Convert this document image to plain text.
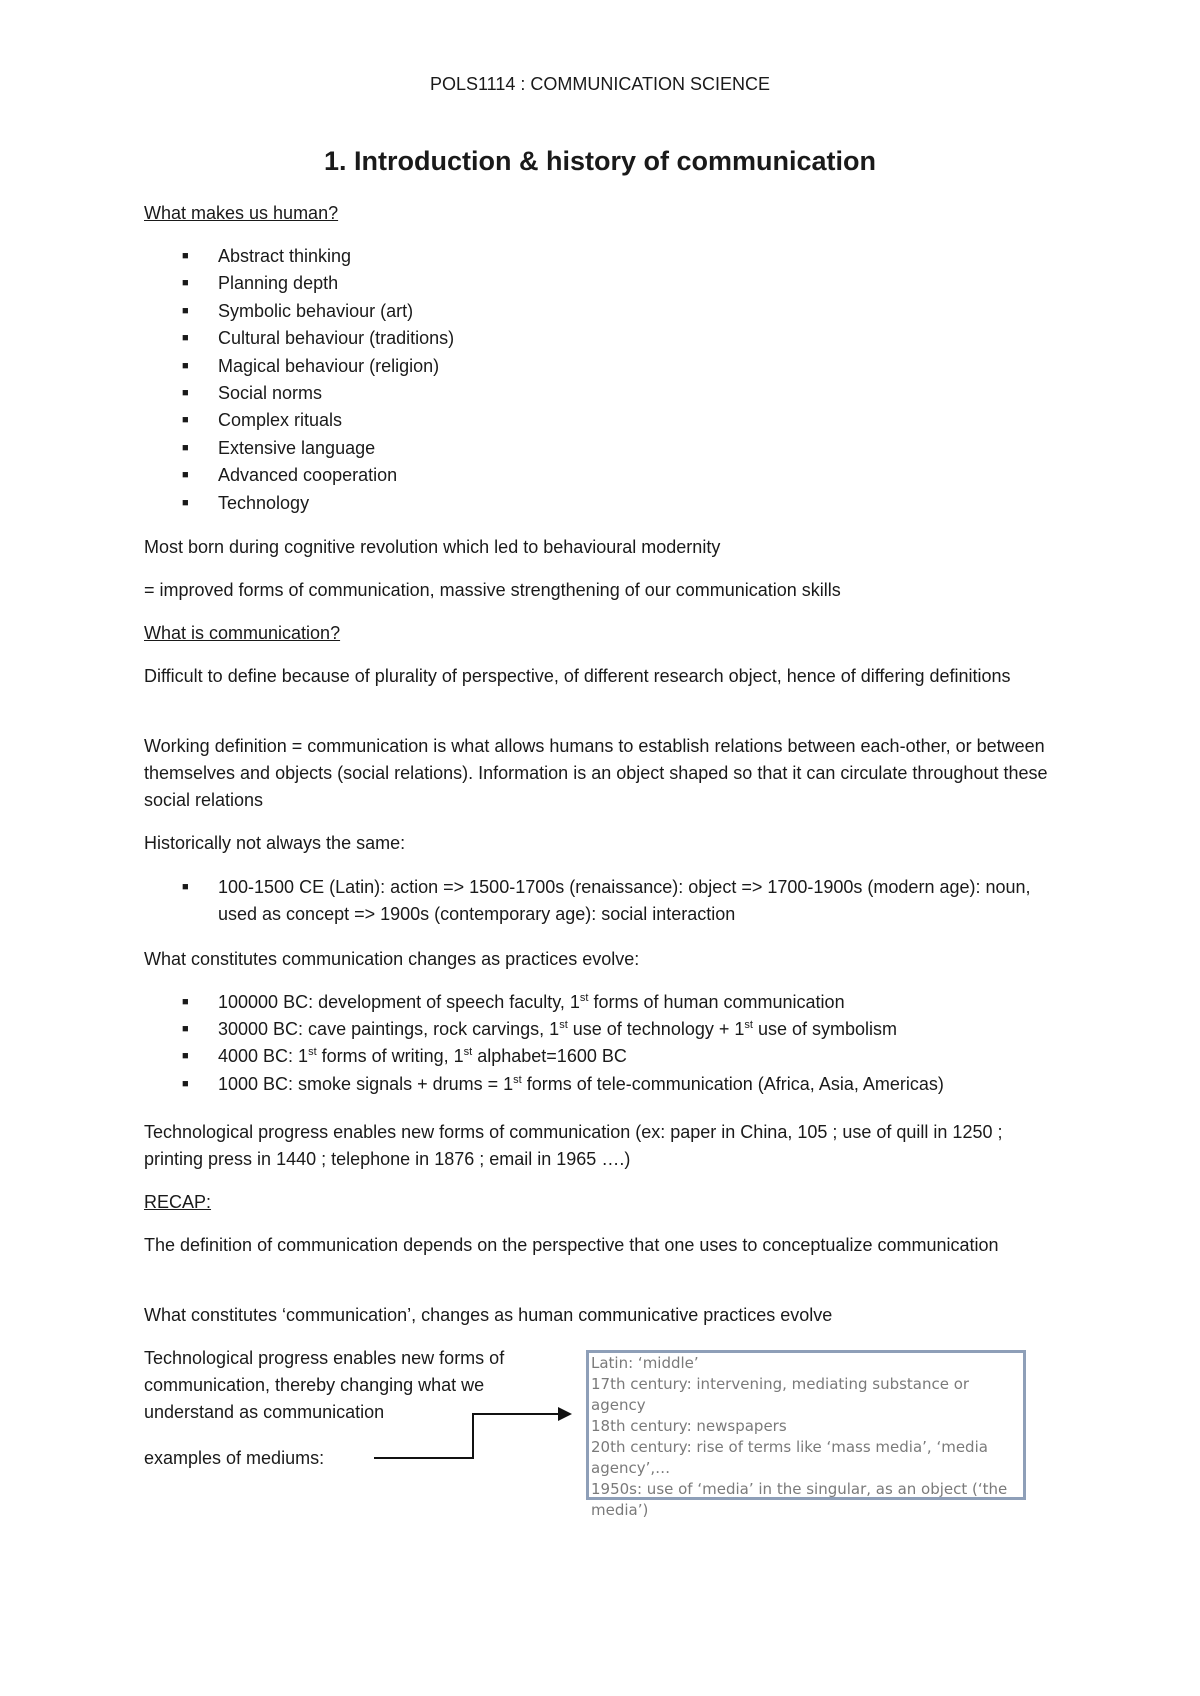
POLS1114 : COMMUNICATION SCIENCE
1. Introduction & history of communication
What makes us human?
■ Abstract thinking
■ Planning depth
■ Symbolic behaviour (art)
■ Cultural behaviour (traditions)
■ Magical behaviour (religion)
■ Social norms
■ Complex rituals
■ Extensive language
■ Advanced cooperation
■ Technology
Most born during cognitive revolution which led to behavioural modernity
= improved forms of communication, massive strengthening of our communication skills
What is communication?
Difficult to define because of plurality of perspective, of different research object, hence of differing definitions
Working definition = communication is what allows humans to establish relations between each-other, or between themselves and objects (social relations). Information is an object shaped so that it can circulate throughout these social relations
Historically not always the same:
■ 100-1500 CE (Latin): action => 1500-1700s (renaissance): object => 1700-1900s (modern age): noun, used as concept => 1900s (contemporary age): social interaction
What constitutes communication changes as practices evolve:
■ 100000 BC: development of speech faculty, 1st forms of human communication
■ 30000 BC: cave paintings, rock carvings, 1st use of technology + 1st use of symbolism
■ 4000 BC: 1st forms of writing, 1st alphabet=1600 BC
■ 1000 BC: smoke signals + drums = 1st forms of tele-communication (Africa, Asia, Americas)
Technological progress enables new forms of communication (ex: paper in China, 105 ; use of quill in 1250 ; printing press in 1440 ; telephone in 1876 ; email in 1965 ….)
RECAP:
The definition of communication depends on the perspective that one uses to conceptualize communication
What constitutes ‘communication’, changes as human communicative practices evolve
Technological progress enables new forms of communication, thereby changing what we understand as communication
examples of mediums:
Latin: ‘middle’
17th century: intervening, mediating substance or agency
18th century: newspapers
20th century: rise of terms like ‘mass media’, ‘media agency’,…
1950s: use of ‘media’ in the singular, as an object (‘the media’)
